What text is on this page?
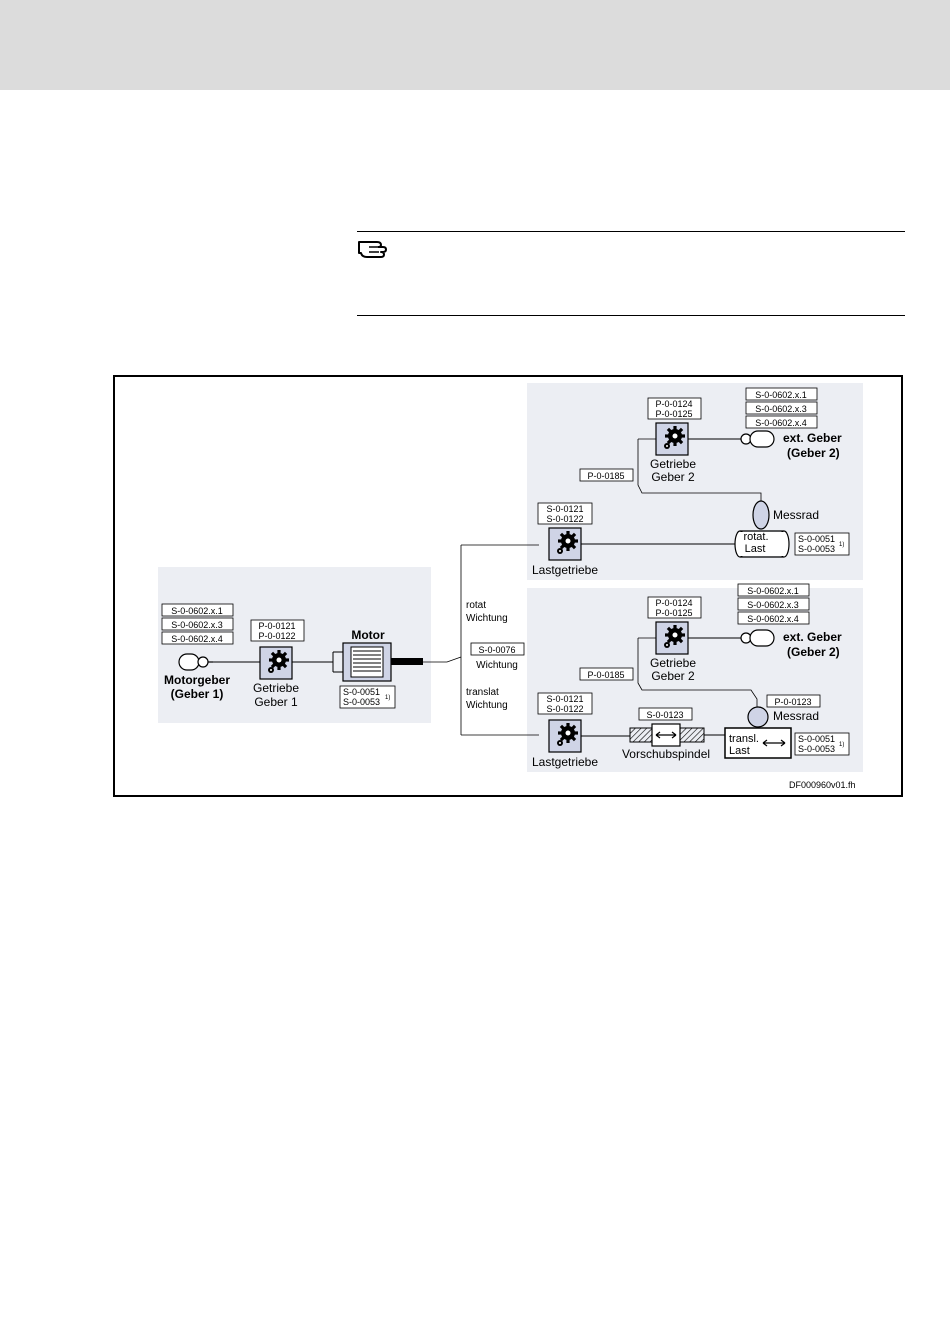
S-0-0602.x.1
S-0-0602.x.3
S-0-0602.x.4
Motorgeber
(Geber 1)
P-0-0121
P-0-0122
Getriebe
Geber 1
Motor
S-0-0051
S-0-0053 1)
rotat
Wichtung
S-0-0076
Wichtung
translat
Wichtung
P-0-0124
P-0-0125
S-0-0602.x.1
S-0-0602.x.3
S-0-0602.x.4
Getriebe
Geber 2
ext. Geber
(Geber 2)
P-0-0185
Messrad
S-0-0121
S-0-0122
Lastgetriebe
rotat.
Last
S-0-0051
S-0-0053 1)
P-0-0124
P-0-0125
S-0-0602.x.1
S-0-0602.x.3
S-0-0602.x.4
Getriebe
Geber 2
ext. Geber
(Geber 2)
P-0-0185
P-0-0123
Messrad
S-0-0121
S-0-0122
Lastgetriebe
S-0-0123
Vorschubspindel
transl.
Last
S-0-0051
S-0-0053 1)
DF000960v01.fh
